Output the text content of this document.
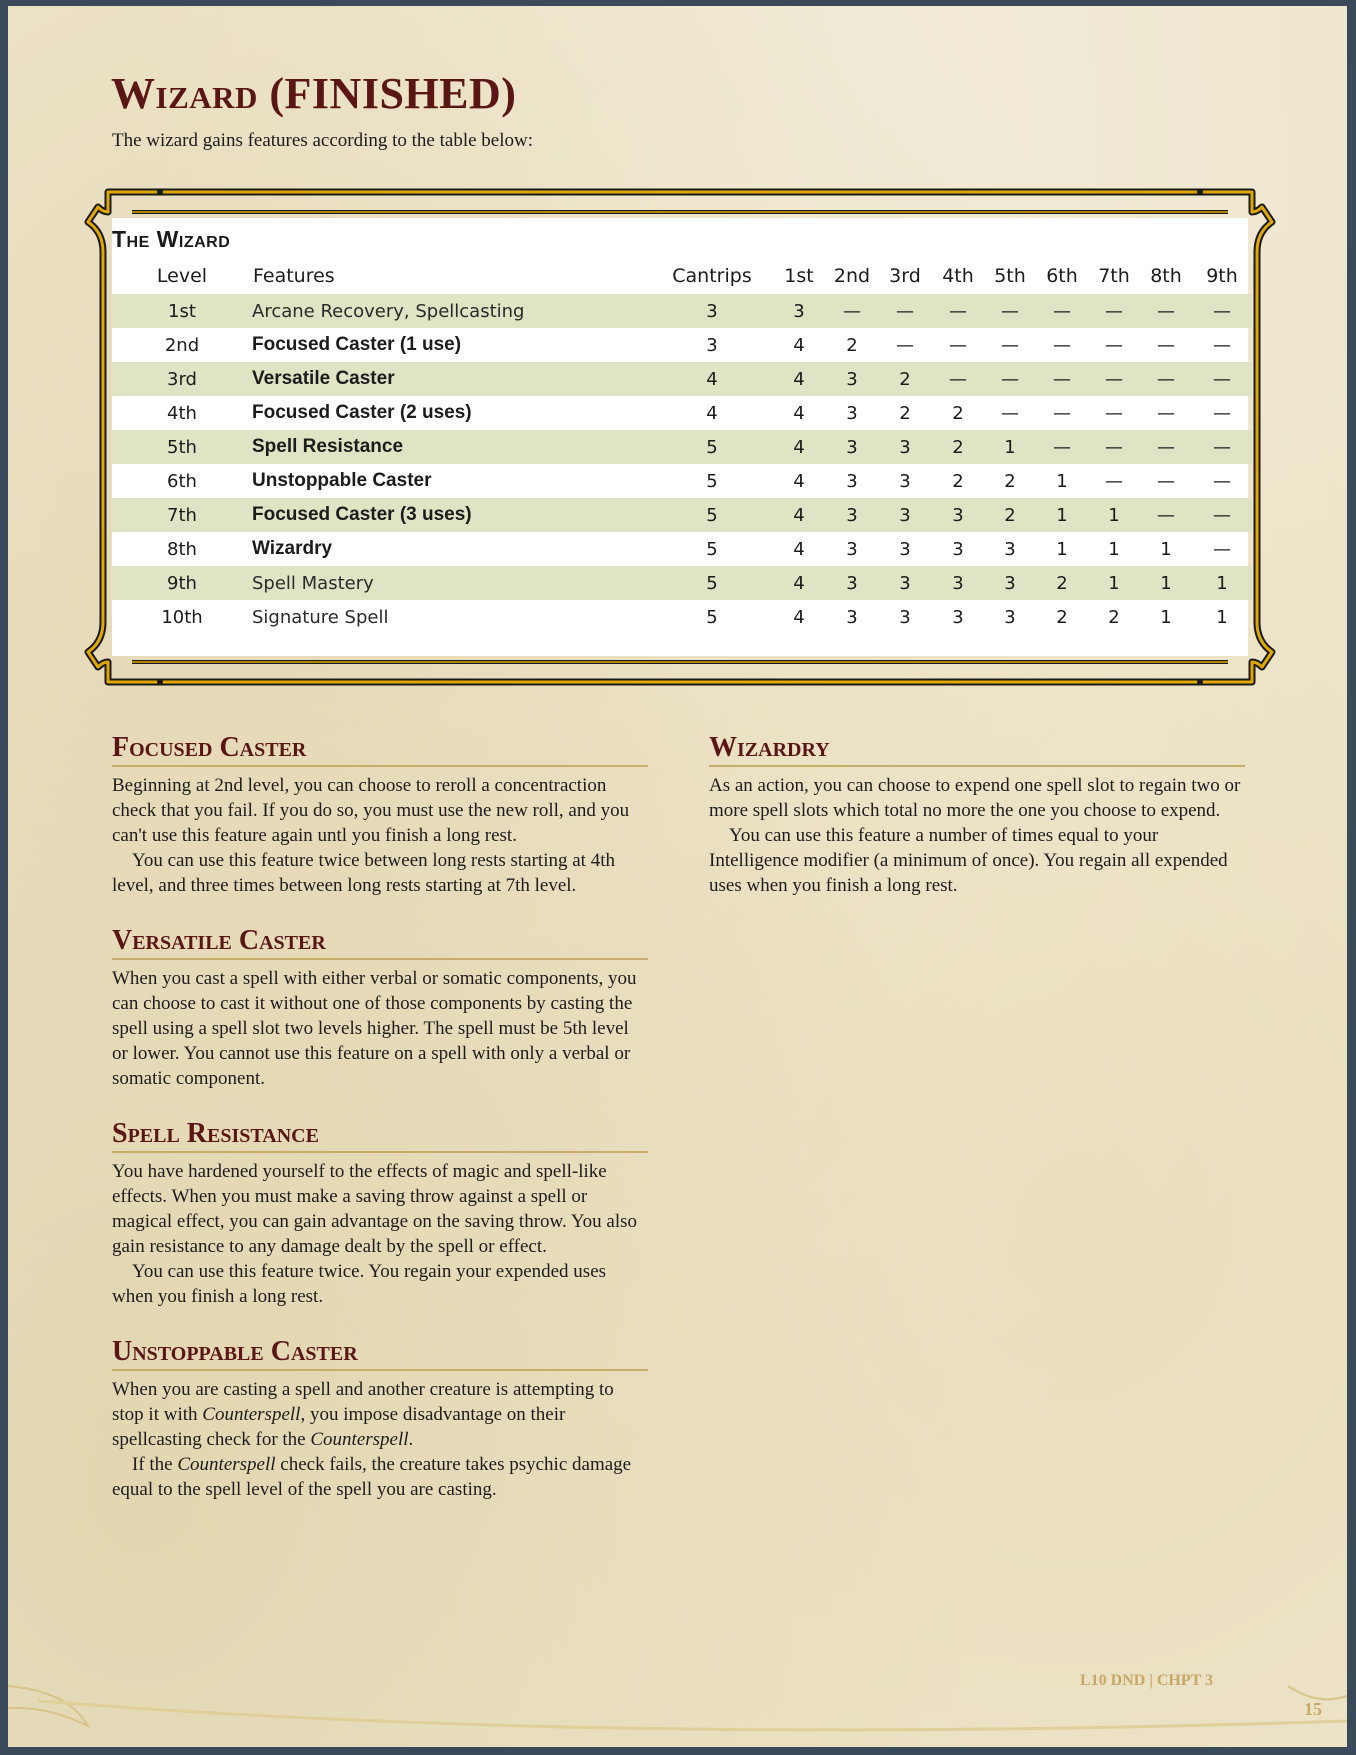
Wizard (FINISHED)

The wizard gains features according to the table below:

The Wizard
Level	Features	Cantrips	1st	2nd	3rd	4th	5th	6th	7th	8th	9th
1st	Arcane Recovery, Spellcasting	3	3	—	—	—	—	—	—	—	—
2nd	Focused Caster (1 use)	3	4	2	—	—	—	—	—	—	—
3rd	Versatile Caster	4	4	3	2	—	—	—	—	—	—
4th	Focused Caster (2 uses)	4	4	3	2	2	—	—	—	—	—
5th	Spell Resistance	5	4	3	3	2	1	—	—	—	—
6th	Unstoppable Caster	5	4	3	3	2	2	1	—	—	—
7th	Focused Caster (3 uses)	5	4	3	3	3	2	1	1	—	—
8th	Wizardry	5	4	3	3	3	3	1	1	1	—
9th	Spell Mastery	5	4	3	3	3	3	2	1	1	1
10th	Signature Spell	5	4	3	3	3	3	2	2	1	1
Focused Caster

Beginning at 2nd level, you can choose to reroll a concentraction check that you fail. If you do so, you must use the new roll, and you can't use this feature again untl you finish a long rest.

You can use this feature twice between long rests starting at 4th level, and three times between long rests starting at 7th level.

Versatile Caster

When you cast a spell with either verbal or somatic components, you can choose to cast it without one of those components by casting the spell using a spell slot two levels higher. The spell must be 5th level or lower. You cannot use this feature on a spell with only a verbal or somatic component.

Spell Resistance

You have hardened yourself to the effects of magic and spell-like effects. When you must make a saving throw against a spell or magical effect, you can gain advantage on the saving throw. You also gain resistance to any damage dealt by the spell or effect.

You can use this feature twice. You regain your expended uses when you finish a long rest.

Unstoppable Caster

When you are casting a spell and another creature is attempting to stop it with Counterspell, you impose disadvantage on their spellcasting check for the Counterspell.

If the Counterspell check fails, the creature takes psychic damage equal to the spell level of the spell you are casting.

Wizardry

As an action, you can choose to expend one spell slot to regain two or more spell slots which total no more the one you choose to expend.

You can use this feature a number of times equal to your Intelligence modifier (a minimum of once). You regain all expended uses when you finish a long rest.

L10 DND | CHPT 3
15
